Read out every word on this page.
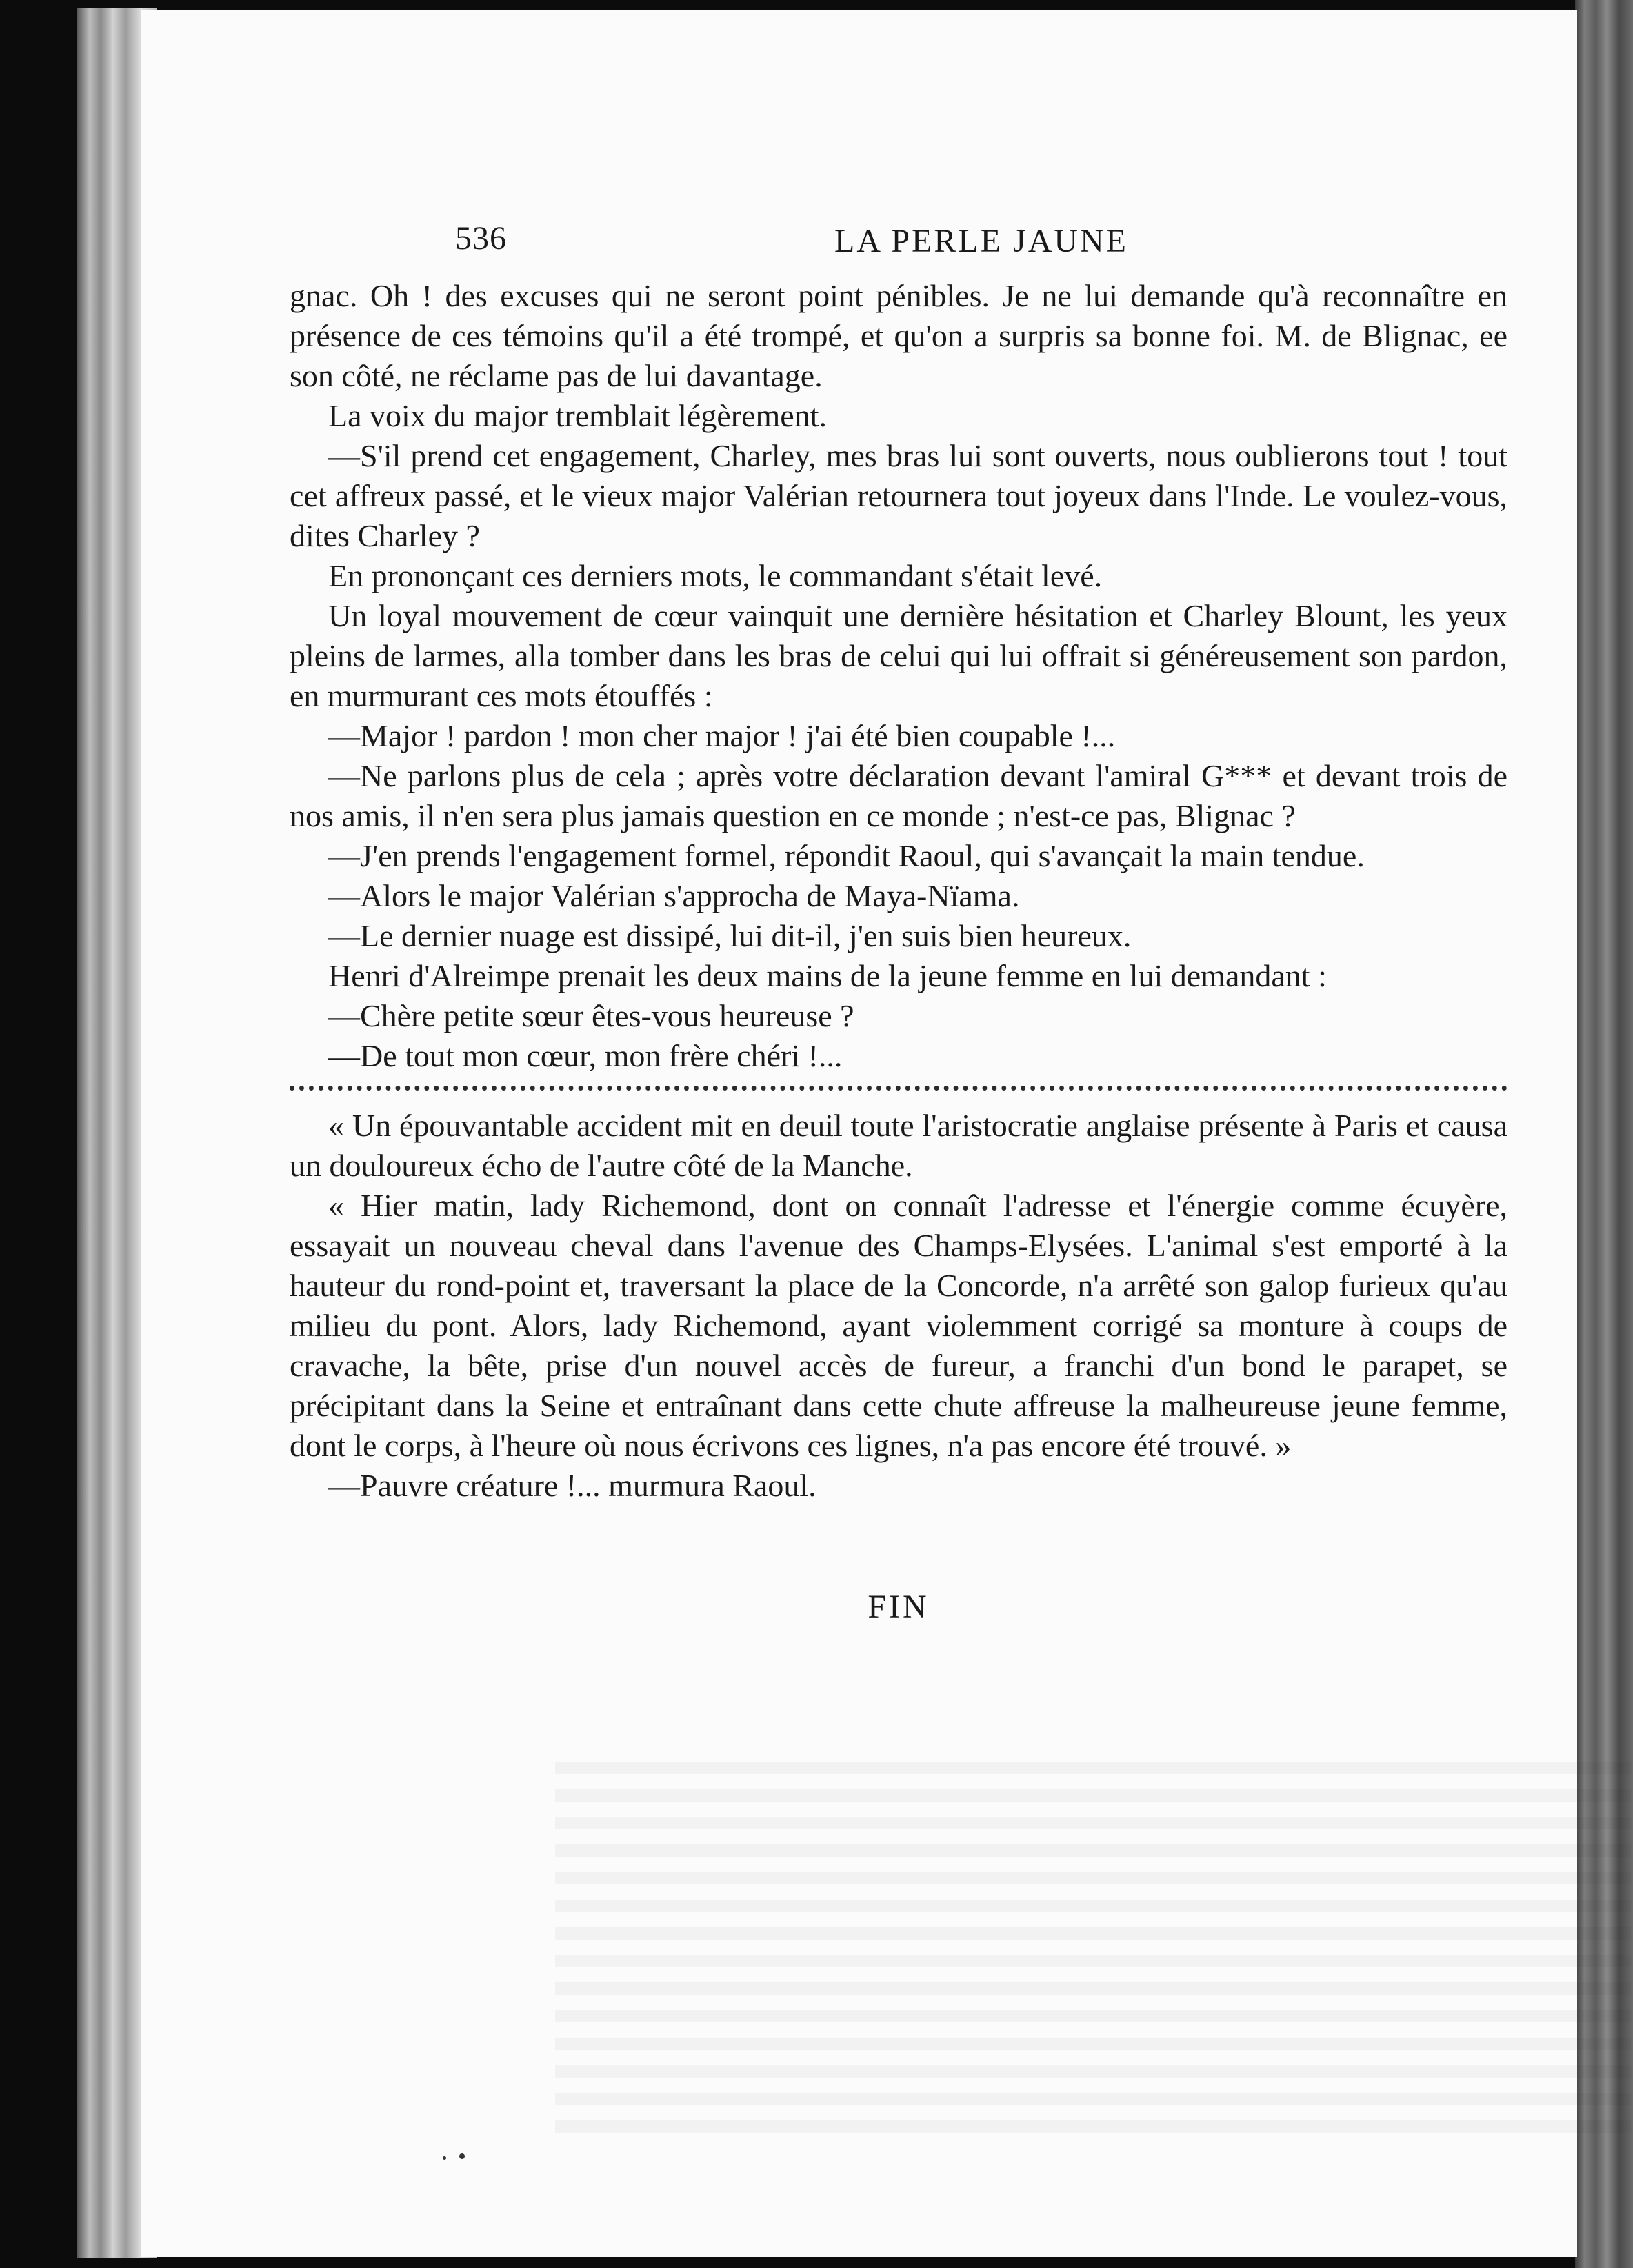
536	LA PERLE JAUNE

gnac. Oh ! des excuses qui ne seront point pénibles. Je ne lui demande qu'à reconnaître en présence de ces témoins qu'il a été trompé, et qu'on a surpris sa bonne foi. M. de Blignac, ee son côté, ne réclame pas de lui davantage.

La voix du major tremblait légèrement.

—S'il prend cet engagement, Charley, mes bras lui sont ouverts, nous oublierons tout ! tout cet affreux passé, et le vieux major Valérian retournera tout joyeux dans l'Inde. Le voulez-vous, dites Charley ?

En prononçant ces derniers mots, le commandant s'était levé.

Un loyal mouvement de cœur vainquit une dernière hésitation et Charley Blount, les yeux pleins de larmes, alla tomber dans les bras de celui qui lui offrait si généreusement son pardon, en murmurant ces mots étouffés :

—Major ! pardon ! mon cher major ! j'ai été bien coupable !...

—Ne parlons plus de cela ; après votre déclaration devant l'amiral G*** et devant trois de nos amis, il n'en sera plus jamais question en ce monde ; n'est-ce pas, Blignac ?

—J'en prends l'engagement formel, répondit Raoul, qui s'avançait la main tendue.

—Alors le major Valérian s'approcha de Maya-Nïama.

—Le dernier nuage est dissipé, lui dit-il, j'en suis bien heureux.

Henri d'Alreimpe prenait les deux mains de la jeune femme en lui demandant :

—Chère petite sœur êtes-vous heureuse ?

—De tout mon cœur, mon frère chéri !...

« Un épouvantable accident mit en deuil toute l'aristocratie anglaise présente à Paris et causa un douloureux écho de l'autre côté de la Manche.

« Hier matin, lady Richemond, dont on connaît l'adresse et l'énergie comme écuyère, essayait un nouveau cheval dans l'avenue des Champs-Elysées. L'animal s'est emporté à la hauteur du rond-point et, traversant la place de la Concorde, n'a arrêté son galop furieux qu'au milieu du pont. Alors, lady Richemond, ayant violemment corrigé sa monture à coups de cravache, la bête, prise d'un nouvel accès de fureur, a franchi d'un bond le parapet, se précipitant dans la Seine et entraînant dans cette chute affreuse la malheureuse jeune femme, dont le corps, à l'heure où nous écrivons ces lignes, n'a pas encore été trouvé. »

—Pauvre créature !... murmura Raoul.

FIN
